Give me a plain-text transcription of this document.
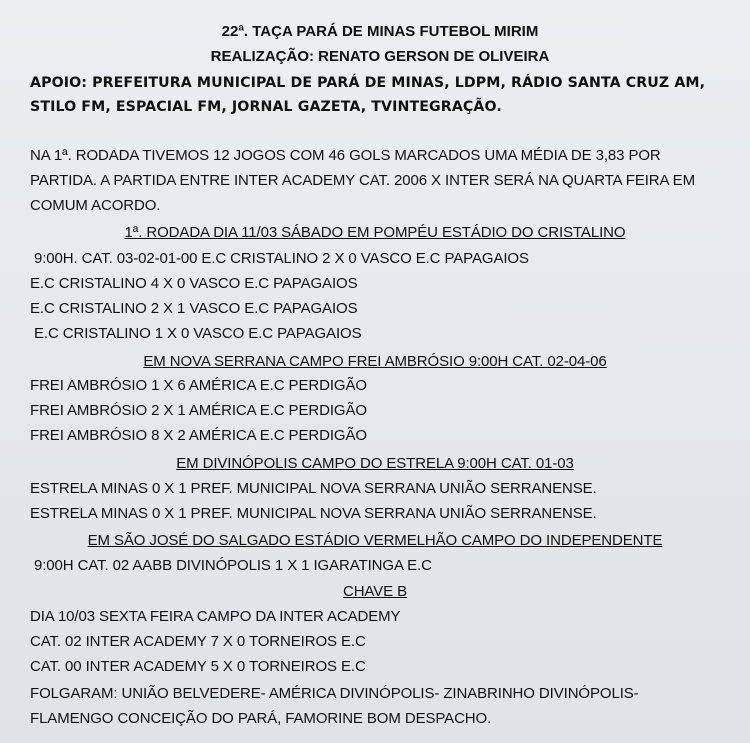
22ª. TAÇA PARÁ DE MINAS FUTEBOL MIRIM
REALIZAÇÃO: RENATO GERSON DE OLIVEIRA
APOIO: PREFEITURA MUNICIPAL DE PARÁ DE MINAS, LDPM, RÁDIO SANTA CRUZ AM, STILO FM, ESPACIAL FM, JORNAL GAZETA, TVINTEGRAÇÃO.
NA 1ª. RODADA TIVEMOS 12 JOGOS COM 46 GOLS MARCADOS UMA MÉDIA DE 3,83 POR
PARTIDA. A PARTIDA ENTRE INTER ACADEMY CAT. 2006 X INTER SERÁ NA QUARTA FEIRA EM
COMUM ACORDO.
1ª. RODADA DIA 11/03 SÁBADO EM POMPÉU ESTÁDIO DO CRISTALINO
9:00H. CAT. 03-02-01-00 E.C CRISTALINO 2 X 0 VASCO E.C PAPAGAIOS
E.C CRISTALINO 4 X 0 VASCO E.C PAPAGAIOS
E.C CRISTALINO 2 X 1 VASCO E.C PAPAGAIOS
E.C CRISTALINO 1 X 0 VASCO E.C PAPAGAIOS
EM NOVA SERRANA CAMPO FREI AMBRÓSIO 9:00H CAT. 02-04-06
FREI AMBRÓSIO 1 X 6 AMÉRICA E.C PERDIGÃO
FREI AMBRÓSIO 2 X 1 AMÉRICA E.C PERDIGÃO
FREI AMBRÓSIO 8 X 2 AMÉRICA E.C PERDIGÃO
EM DIVINÓPOLIS CAMPO DO ESTRELA 9:00H CAT. 01-03
ESTRELA MINAS 0 X 1 PREF. MUNICIPAL NOVA SERRANA UNIÃO SERRANENSE.
ESTRELA MINAS 0 X 1 PREF. MUNICIPAL NOVA SERRANA UNIÃO SERRANENSE.
EM SÃO JOSÉ DO SALGADO ESTÁDIO VERMELHÃO CAMPO DO INDEPENDENTE
9:00H CAT. 02 AABB DIVINÓPOLIS 1 X 1 IGARATINGA E.C
CHAVE B
DIA 10/03 SEXTA FEIRA CAMPO DA INTER ACADEMY
CAT. 02 INTER ACADEMY 7 X 0 TORNEIROS E.C
CAT. 00 INTER ACADEMY 5 X 0 TORNEIROS E.C
FOLGARAM: UNIÃO BELVEDERE- AMÉRICA DIVINÓPOLIS- ZINABRINHO DIVINÓPOLIS-
FLAMENGO CONCEIÇÃO DO PARÁ, FAMORINE BOM DESPACHO.
